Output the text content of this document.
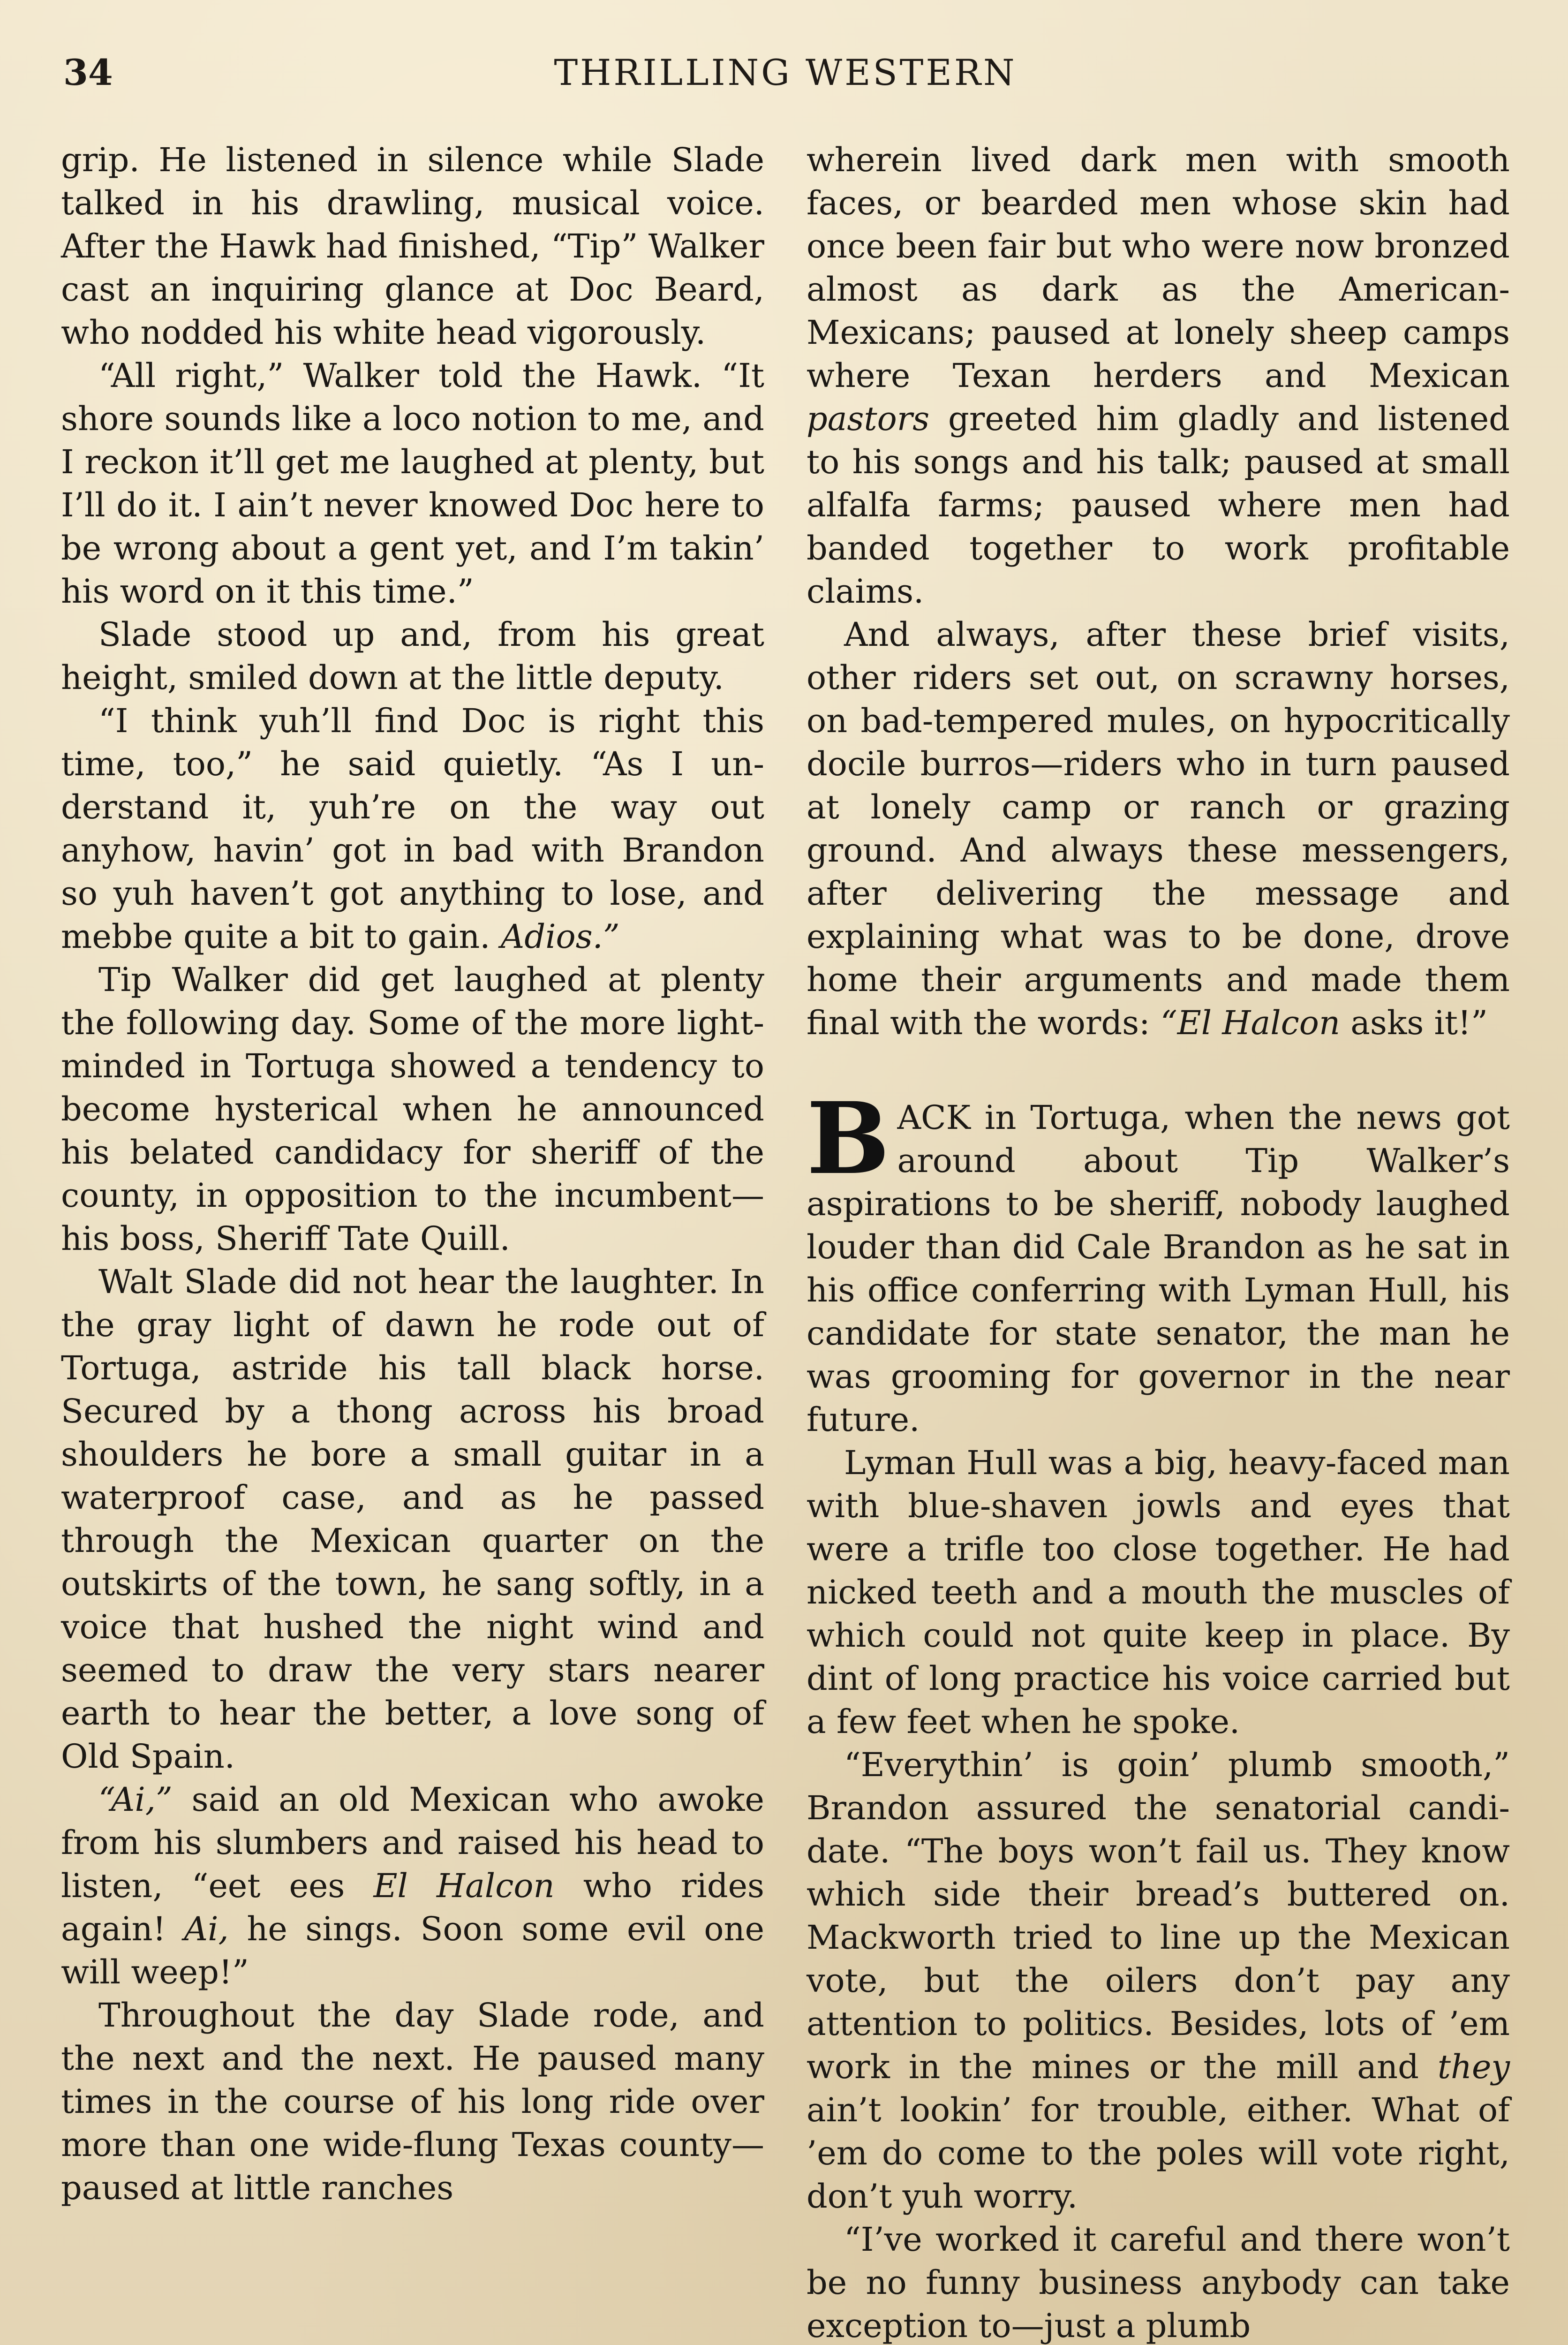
34	THRILLING WESTERN

grip. He listened in silence while Slade talked in his drawling, musical voice. After the Hawk had finished, “Tip” Walker cast an inquiring glance at Doc Beard, who nodded his white head vigorously.

“All right,” Walker told the Hawk. “It shore sounds like a loco notion to me, and I reckon it’ll get me laughed at plenty, but I’ll do it. I ain’t never knowed Doc here to be wrong about a gent yet, and I’m takin’ his word on it this time.”

Slade stood up and, from his great height, smiled down at the little deputy.

“I think yuh’ll find Doc is right this time, too,” he said quietly. “As I understand it, yuh’re on the way out anyhow, havin’ got in bad with Brandon so yuh haven’t got anything to lose, and mebbe quite a bit to gain. Adios.”

Tip Walker did get laughed at plenty the following day. Some of the more light-minded in Tortuga showed a tendency to become hysterical when he announced his belated candidacy for sheriff of the county, in opposition to the incumbent—his boss, Sheriff Tate Quill.

Walt Slade did not hear the laughter. In the gray light of dawn he rode out of Tortuga, astride his tall black horse. Secured by a thong across his broad shoulders he bore a small guitar in a waterproof case, and as he passed through the Mexican quarter on the outskirts of the town, he sang softly, in a voice that hushed the night wind and seemed to draw the very stars nearer earth to hear the better, a love song of Old Spain.

“Ai,” said an old Mexican who awoke from his slumbers and raised his head to listen, “eet ees El Halcon who rides again! Ai, he sings. Soon some evil one will weep!”

Throughout the day Slade rode, and the next and the next. He paused many times in the course of his long ride over more than one wide-flung Texas county—paused at little ranches

wherein lived dark men with smooth faces, or bearded men whose skin had once been fair but who were now bronzed almost as dark as the American-Mexicans; paused at lonely sheep camps where Texan herders and Mexican pastors greeted him gladly and listened to his songs and his talk; paused at small alfalfa farms; paused where men had banded together to work profitable claims.

And always, after these brief visits, other riders set out, on scrawny horses, on bad-tempered mules, on hypocritically docile burros—riders who in turn paused at lonely camp or ranch or grazing ground. And always these messengers, after delivering the message and explaining what was to be done, drove home their arguments and made them final with the words: “El Halcon asks it!”

BACK in Tortuga, when the news got around about Tip Walker’s aspirations to be sheriff, nobody laughed louder than did Cale Brandon as he sat in his office conferring with Lyman Hull, his candidate for state senator, the man he was grooming for governor in the near future.

Lyman Hull was a big, heavy-faced man with blue-shaven jowls and eyes that were a trifle too close together. He had nicked teeth and a mouth the muscles of which could not quite keep in place. By dint of long practice his voice carried but a few feet when he spoke.

“Everythin’ is goin’ plumb smooth,” Brandon assured the senatorial candidate. “The boys won’t fail us. They know which side their bread’s buttered on. Mackworth tried to line up the Mexican vote, but the oilers don’t pay any attention to politics. Besides, lots of ’em work in the mines or the mill and they ain’t lookin’ for trouble, either. What of ’em do come to the poles will vote right, don’t yuh worry.

“I’ve worked it careful and there won’t be no funny business anybody can take exception to—just a plumb
